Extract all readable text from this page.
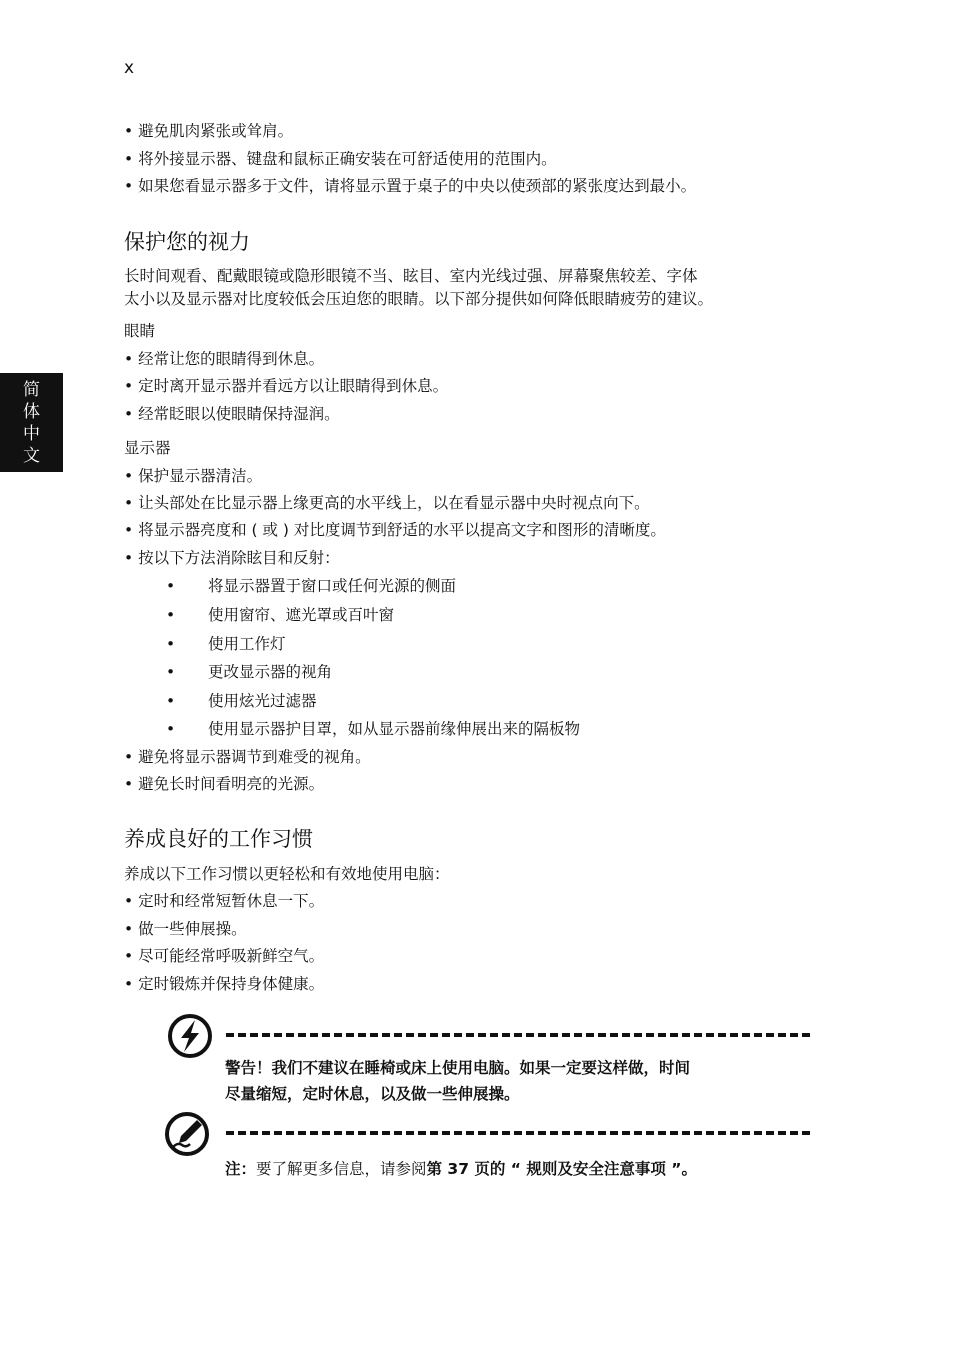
x
简
体
中
文
• 避免肌肉紧张或耸肩。
• 将外接显示器、键盘和鼠标正确安装在可舒适使用的范围内。
• 如果您看显示器多于文件，请将显示置于桌子的中央以使颈部的紧张度达到最小。
保护您的视力
长时间观看、配戴眼镜或隐形眼镜不当、眩目、室内光线过强、屏幕聚焦较差、字体
太小以及显示器对比度较低会压迫您的眼睛。以下部分提供如何降低眼睛疲劳的建议。
眼睛
• 经常让您的眼睛得到休息。
• 定时离开显示器并看远方以让眼睛得到休息。
• 经常眨眼以使眼睛保持湿润。
显示器
• 保护显示器清洁。
• 让头部处在比显示器上缘更高的水平线上，以在看显示器中央时视点向下。
• 将显示器亮度和 ( 或 ) 对比度调节到舒适的水平以提高文字和图形的清晰度。
• 按以下方法消除眩目和反射：
• 将显示器置于窗口或任何光源的侧面
• 使用窗帘、遮光罩或百叶窗
• 使用工作灯
• 更改显示器的视角
• 使用炫光过滤器
• 使用显示器护目罩，如从显示器前缘伸展出来的隔板物
• 避免将显示器调节到难受的视角。
• 避免长时间看明亮的光源。
养成良好的工作习惯
养成以下工作习惯以更轻松和有效地使用电脑：
• 定时和经常短暂休息一下。
• 做一些伸展操。
• 尽可能经常呼吸新鲜空气。
• 定时锻炼并保持身体健康。
警告！我们不建议在睡椅或床上使用电脑。如果一定要这样做，时间
尽量缩短，定时休息，以及做一些伸展操。
注：要了解更多信息，请参阅第 37 页的 “ 规则及安全注意事项 ”。
